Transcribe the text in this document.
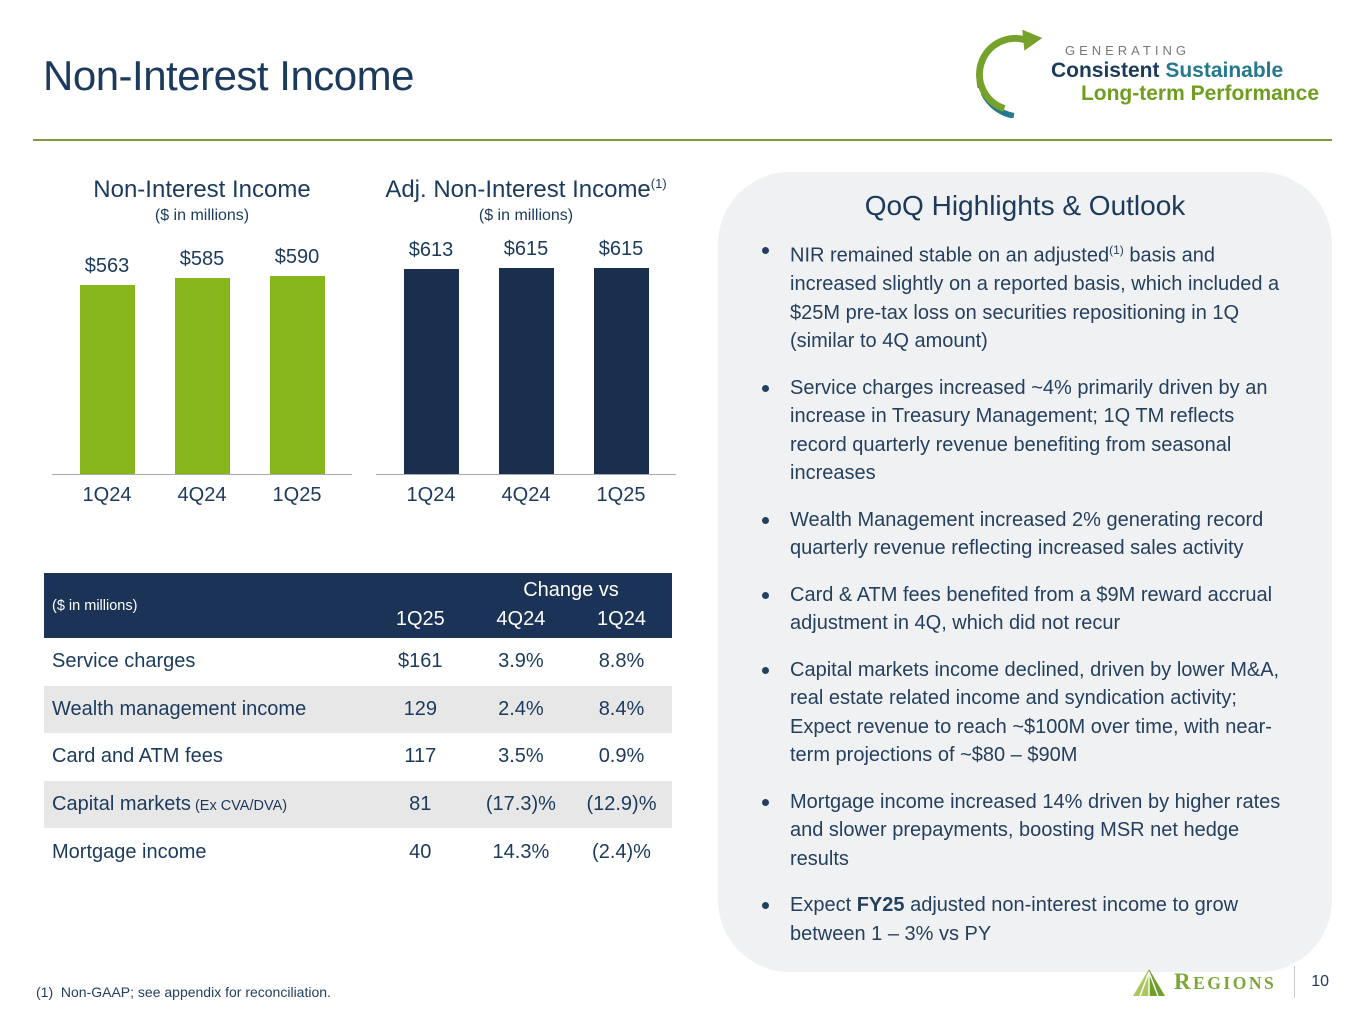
Non-Interest Income
GENERATING
Consistent Sustainable
Long-term Performance
Non-Interest Income
($ in millions)
$563	$585	$590
1Q24 4Q24 1Q25
Adj. Non-Interest Income$^{(1)}$
($ in millions)
$613	$615	$615
1Q24 4Q24 1Q25
($ in millions)
Change vs
1Q25	4Q24	1Q24
Service charges	$161	3.9%	8.8%
Wealth management income	129	2.4%	8.4%
Card and ATM fees	117	3.5%	0.9%
Capital markets (Ex CVA/DVA)	81	(17.3)%	(12.9)%
Mortgage income	40	14.3%	(2.4)%
QoQ Highlights & Outlook
NIR remained stable on an adjusted$^{(1)}$ basis and increased slightly on a reported basis, which included a $25M pre-tax loss on securities repositioning in 1Q (similar to 4Q amount)
Service charges increased ~4% primarily driven by an increase in Treasury Management; 1Q TM reflects record quarterly revenue benefiting from seasonal increases
Wealth Management increased 2% generating record quarterly revenue reflecting increased sales activity
Card & ATM fees benefited from a $9M reward accrual adjustment in 4Q, which did not recur
Capital markets income declined, driven by lower M&A, real estate related income and syndication activity; Expect revenue to reach ~$100M over time, with near-term projections of ~$80 – $90M
Mortgage income increased 14% driven by higher rates and slower prepayments, boosting MSR net hedge results
Expect FY25 adjusted non-interest income to grow between 1 – 3% vs PY
(1)  Non-GAAP; see appendix for reconciliation.	REGIONS 10
